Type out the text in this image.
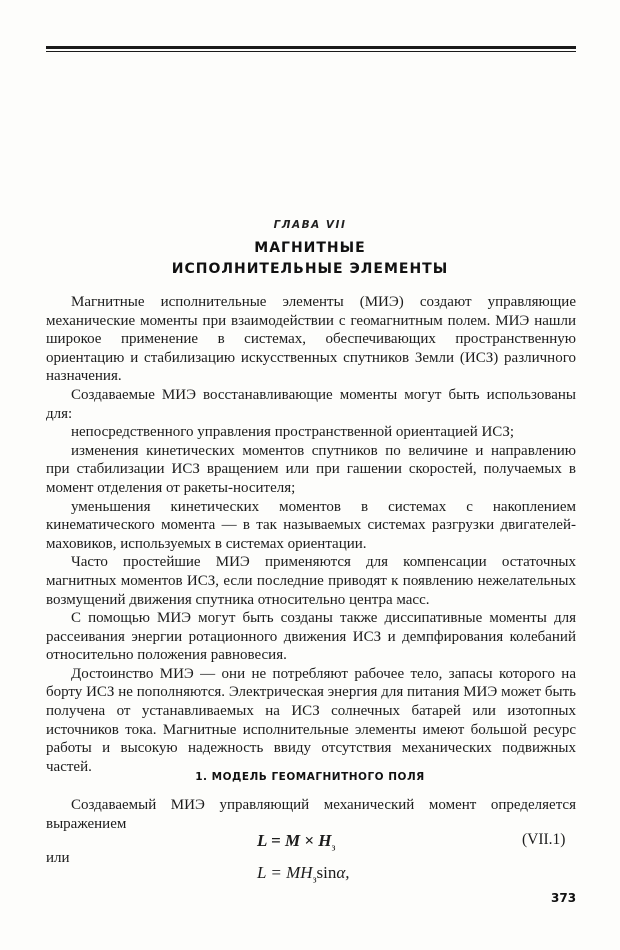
ГЛАВА VII
МАГНИТНЫЕ
ИСПОЛНИТЕЛЬНЫЕ ЭЛЕМЕНТЫ

Магнитные исполнительные элементы (МИЭ) создают управляющие механические моменты при взаимодействии с геомагнитным полем. МИЭ нашли широкое применение в системах, обеспечивающих пространственную ориентацию и стабилизацию искусственных спутников Земли (ИСЗ) различного назначения.

Создаваемые МИЭ восстанавливающие моменты могут быть использованы для:

непосредственного управления пространственной ориентацией ИСЗ;

изменения кинетических моментов спутников по величине и направлению при стабилизации ИСЗ вращением или при гашении скоростей, получаемых в момент отделения от ракеты-носителя;

уменьшения кинетических моментов в системах с накоплением кинематического момента — в так называемых системах разгрузки двигателей-маховиков, используемых в системах ориентации.

Часто простейшие МИЭ применяются для компенсации остаточных магнитных моментов ИСЗ, если последние приводят к появлению нежелательных возмущений движения спутника относительно центра масс.

С помощью МИЭ могут быть созданы также диссипативные моменты для рассеивания энергии ротационного движения ИСЗ и демпфирования колебаний относительно положения равновесия.

Достоинство МИЭ — они не потребляют рабочее тело, запасы которого на борту ИСЗ не пополняются. Электрическая энергия для питания МИЭ может быть получена от устанавливаемых на ИСЗ солнечных батарей или изотопных источников тока. Магнитные исполнительные элементы имеют большой ресурс работы и высокую надежность ввиду отсутствия механических подвижных частей.

1. МОДЕЛЬ ГЕОМАГНИТНОГО ПОЛЯ

Создаваемый МИЭ управляющий механический момент определяется выражением

$L = M \times H_з$	(VII.1)
или
$L = MH_з\sin\alpha$,
373
